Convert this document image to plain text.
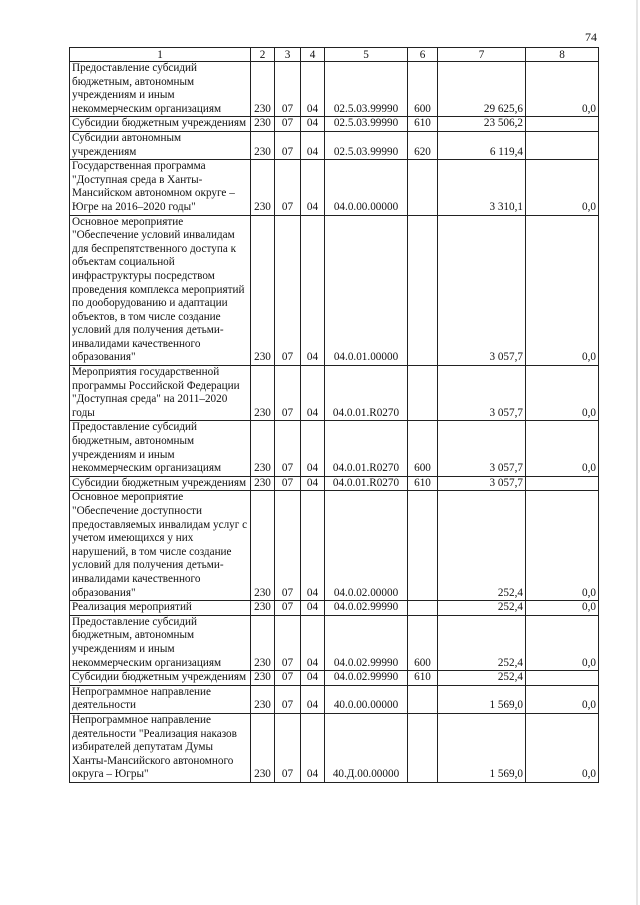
74
1	2	3	4	5	6	7	8
Предоставление субсидий бюджетным, автономным учреждениям и иным некоммерческим организациям	230	07	04	02.5.03.99990	600	29 625,6	0,0
Субсидии бюджетным учреждениям	230	07	04	02.5.03.99990	610	23 506,2	
Субсидии автономным учреждениям	230	07	04	02.5.03.99990	620	6 119,4	
Государственная программа "Доступная среда в Ханты-Мансийском автономном округе – Югре на 2016–2020 годы"	230	07	04	04.0.00.00000		3 310,1	0,0
Основное мероприятие "Обеспечение условий инвалидам для беспрепятственного доступа к объектам социальной инфраструктуры посредством проведения комплекса мероприятий по дооборудованию и адаптации объектов, в том числе создание условий для получения детьми-инвалидами качественного образования"	230	07	04	04.0.01.00000		3 057,7	0,0
Мероприятия государственной программы Российской Федерации "Доступная среда" на 2011–2020 годы	230	07	04	04.0.01.R0270		3 057,7	0,0
Предоставление субсидий бюджетным, автономным учреждениям и иным некоммерческим организациям	230	07	04	04.0.01.R0270	600	3 057,7	0,0
Субсидии бюджетным учреждениям	230	07	04	04.0.01.R0270	610	3 057,7	
Основное мероприятие "Обеспечение доступности предоставляемых инвалидам услуг с учетом имеющихся у них нарушений, в том числе создание условий для получения детьми-инвалидами качественного образования"	230	07	04	04.0.02.00000		252,4	0,0
Реализация мероприятий	230	07	04	04.0.02.99990		252,4	0,0
Предоставление субсидий бюджетным, автономным учреждениям и иным некоммерческим организациям	230	07	04	04.0.02.99990	600	252,4	0,0
Субсидии бюджетным учреждениям	230	07	04	04.0.02.99990	610	252,4	
Непрограммное направление деятельности	230	07	04	40.0.00.00000		1 569,0	0,0
Непрограммное направление деятельности "Реализация наказов избирателей депутатам Думы Ханты-Мансийского автономного округа – Югры"	230	07	04	40.Д.00.00000		1 569,0	0,0
